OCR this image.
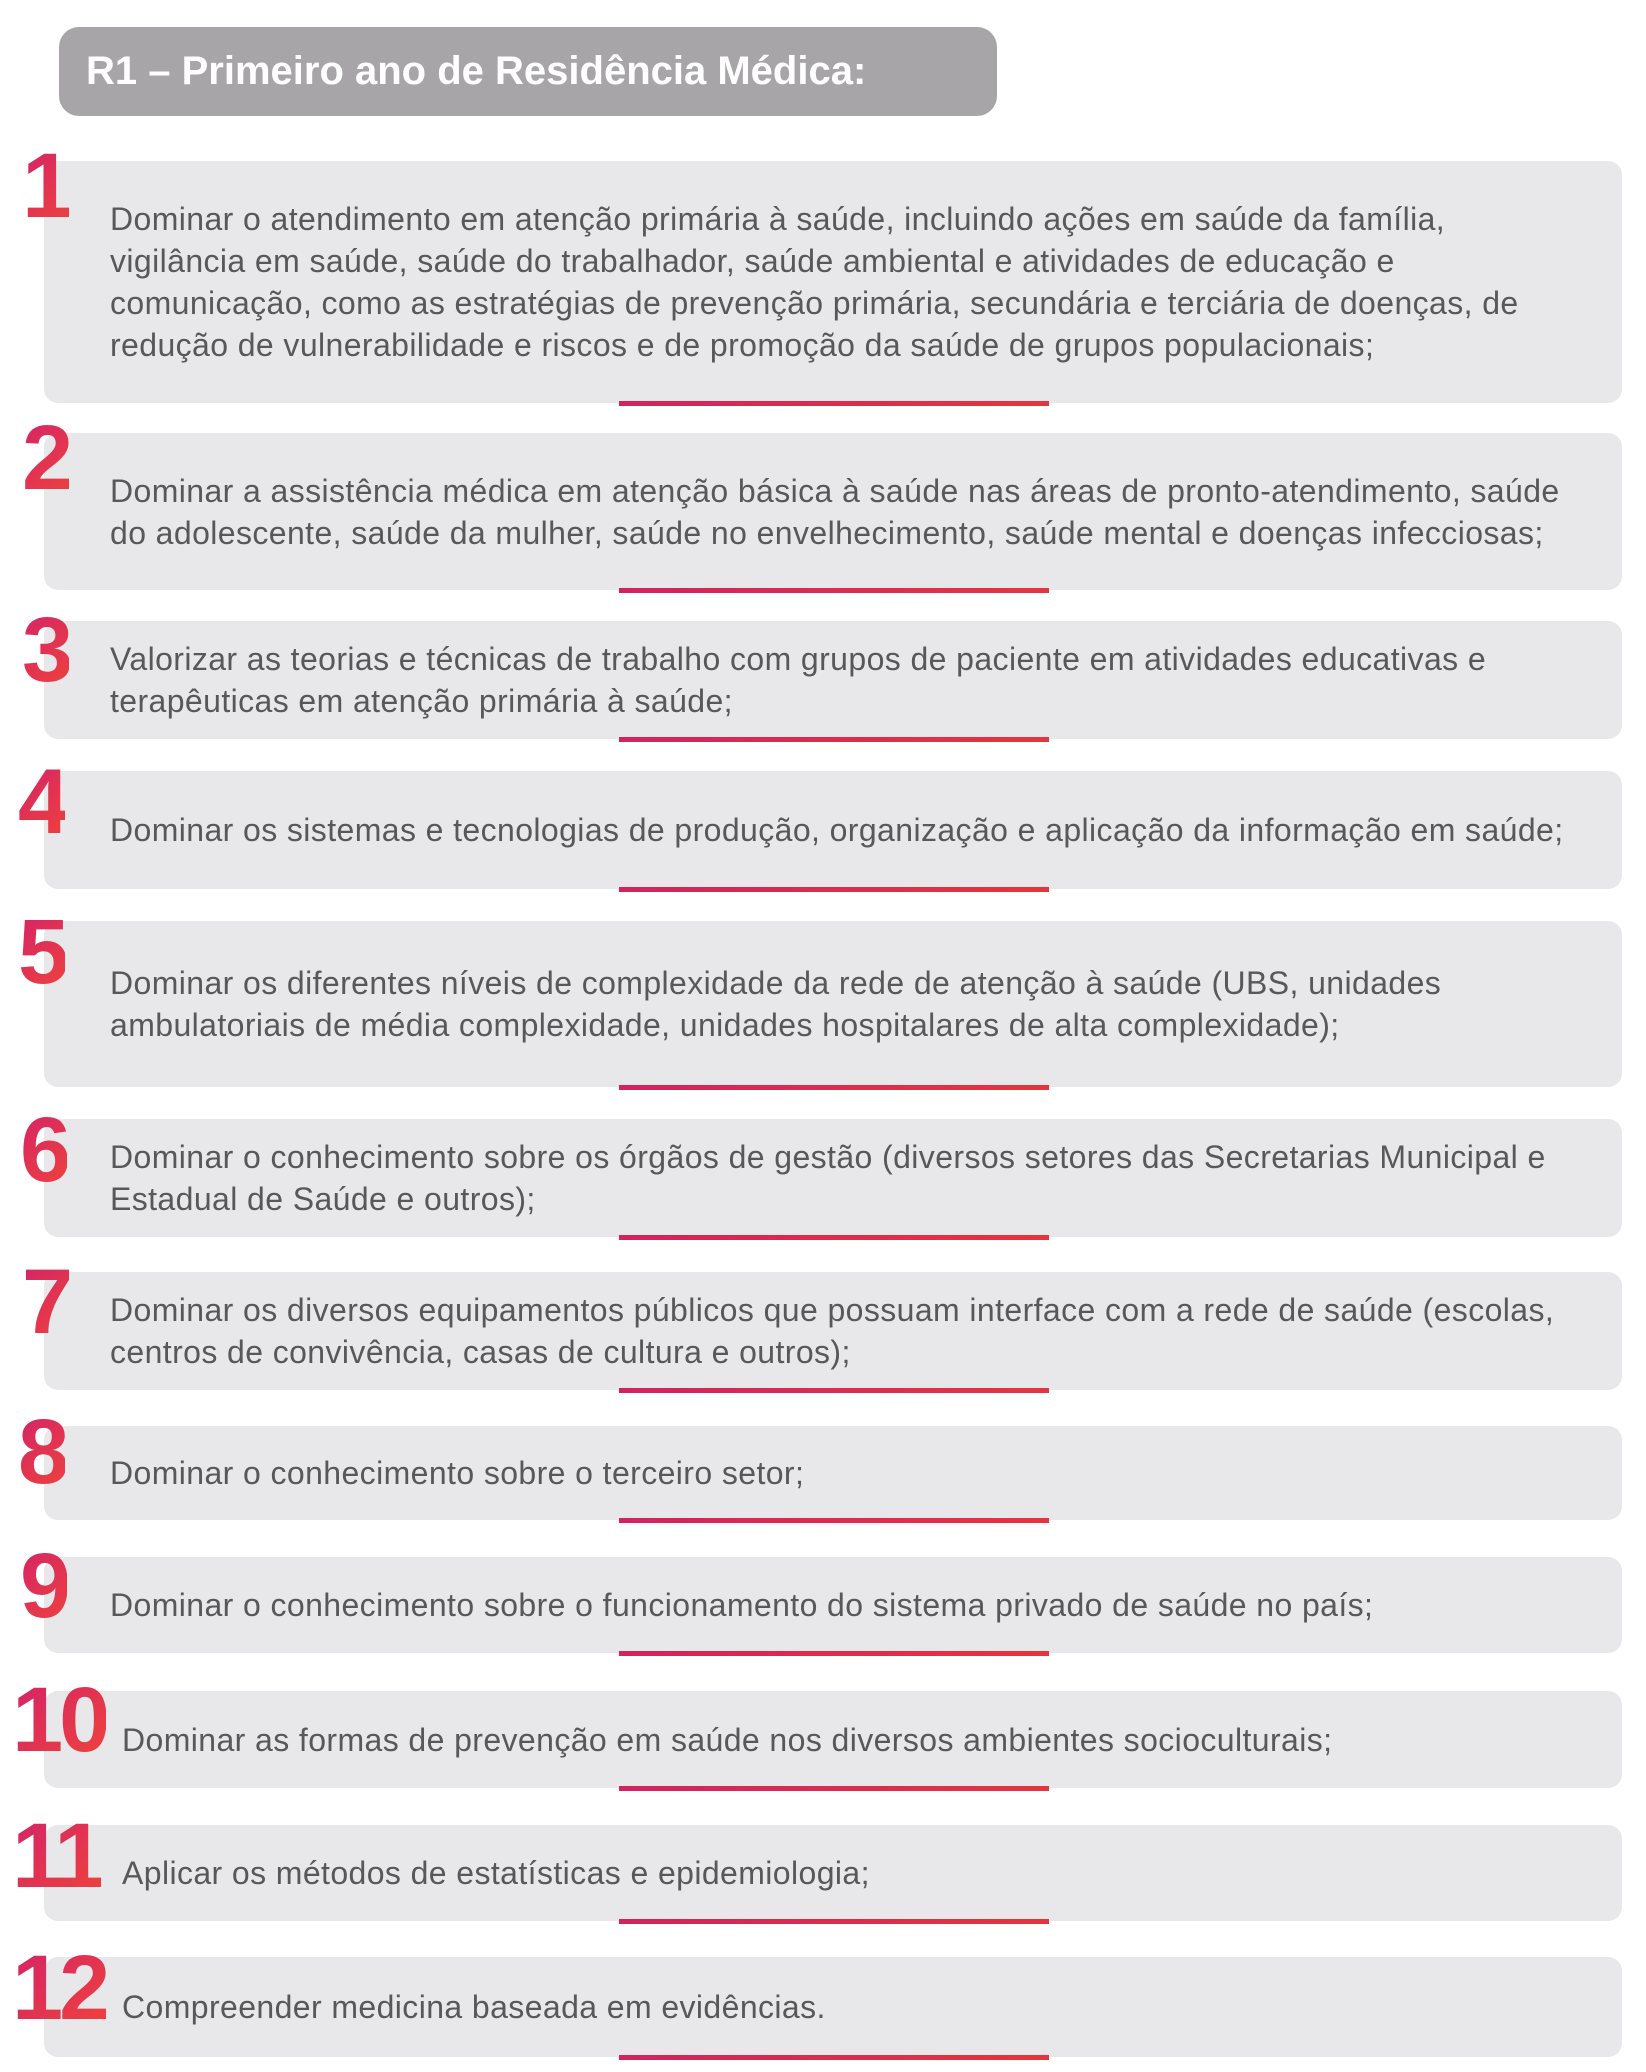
R1 – Primeiro ano de Residência Médica:
Dominar o atendimento em atenção primária à saúde, incluindo ações em saúde da família, vigilância em saúde, saúde do trabalhador, saúde ambiental e atividades de educação e comunicação, como as estratégias de prevenção primária, secundária e terciária de doenças, de redução de vulnerabilidade e riscos e de promoção da saúde de grupos populacionais;
1
Dominar a assistência médica em atenção básica à saúde nas áreas de pronto-atendimento, saúde do adolescente, saúde da mulher, saúde no envelhecimento, saúde mental e doenças infecciosas;
2
Valorizar as teorias e técnicas de trabalho com grupos de paciente em atividades educativas e terapêuticas em atenção primária à saúde;
3
Dominar os sistemas e tecnologias de produção, organização e aplicação da informação em saúde;
4
Dominar os diferentes níveis de complexidade da rede de atenção à saúde (UBS, unidades ambulatoriais de média complexidade, unidades hospitalares de alta complexidade);
5
Dominar o conhecimento sobre os órgãos de gestão (diversos setores das Secretarias Municipal e Estadual de Saúde e outros);
6
Dominar os diversos equipamentos públicos que possuam interface com a rede de saúde (escolas, centros de convivência, casas de cultura e outros);
7
Dominar o conhecimento sobre o terceiro setor;
8
Dominar o conhecimento sobre o funcionamento do sistema privado de saúde no país;
9
Dominar as formas de prevenção em saúde nos diversos ambientes socioculturais;
10
Aplicar os métodos de estatísticas e epidemiologia;
11
Compreender medicina baseada em evidências.
12
